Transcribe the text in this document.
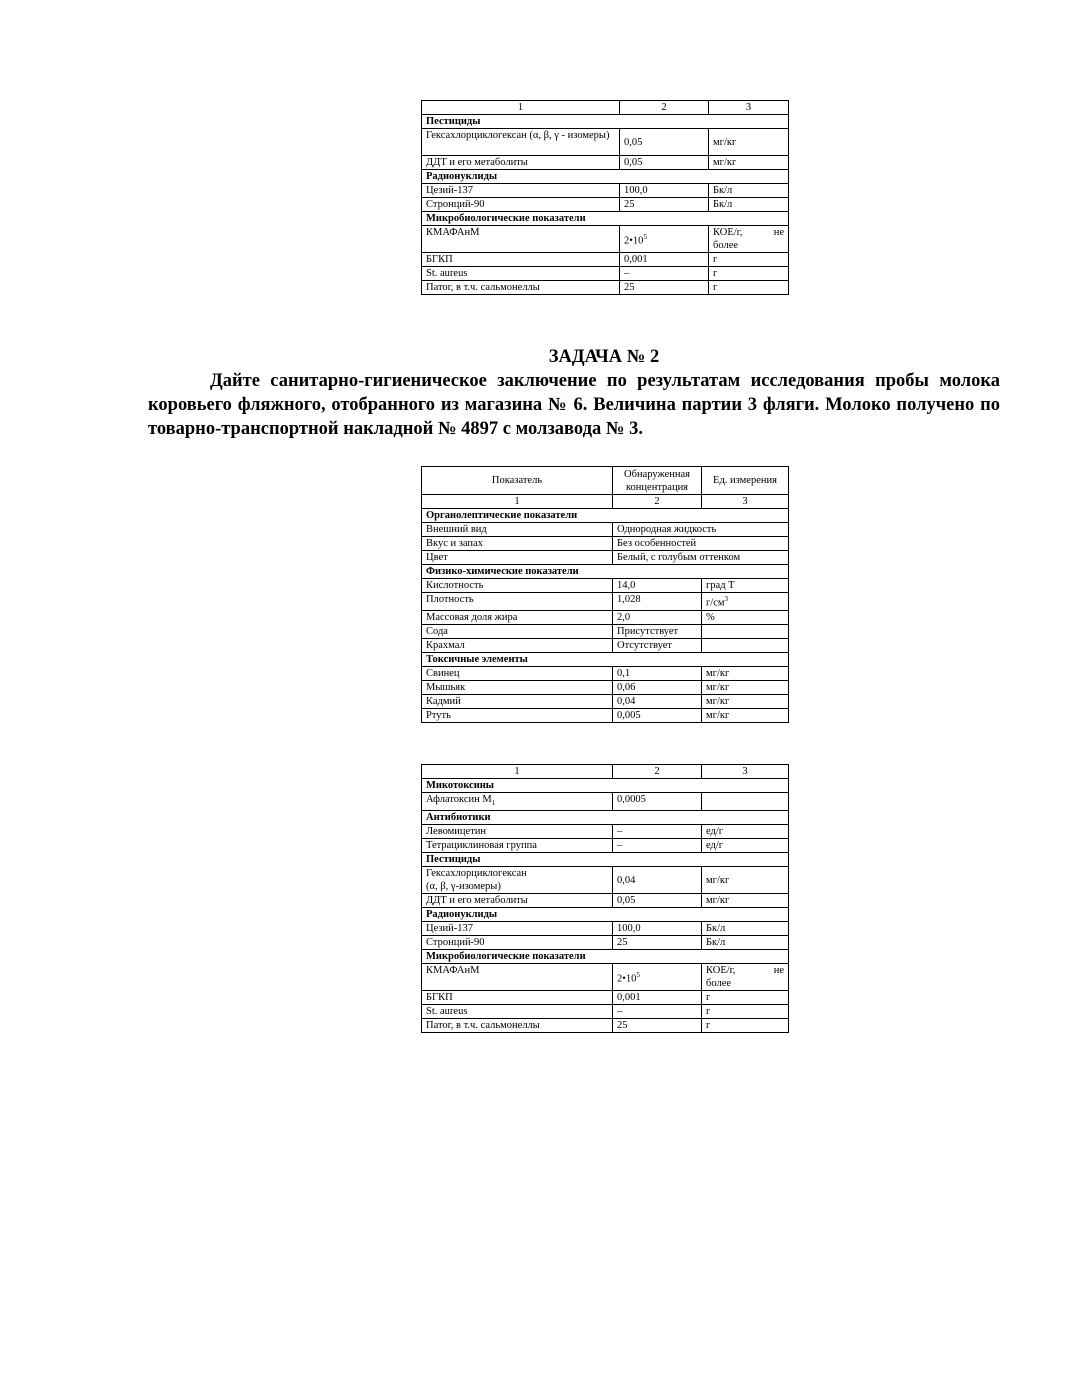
1	2	3
Пестициды		
Гексахлорциклогексан (α, β, γ - изомеры)	0,05	мг/кг
ДДТ и его метаболиты	0,05	мг/кг
Радионуклиды		
Цезий-137	100,0	Бк/л
Стронций-90	25	Бк/л
Микробиологические показатели		
КМАФАнМ	$2•10^5$	КОЕ/г, не
более

БГКП	0,001	г
St. aureus	–	г
Патог, в т.ч. сальмонеллы	25	г
ЗАДАЧА № 2
Дайте санитарно-гигиеническое заключение по результатам исследования пробы молока коровьего фляжного, отобранного из магазина № 6. Величина партии 3 фляги. Молоко получено по товарно-транспортной накладной № 4897 с молзавода № 3.
Показатель	Обнаруженная концентрация	Ед. измерения
1	2	3
Органолептические показатели		
Внешний вид	Однородная жидкость	
Вкус и запах	Без особенностей	
Цвет	Белый, с голубым оттенком	
Физико-химические показатели		
Кислотность	14,0	град Т
Плотность	1,028	$г/см^3$
Массовая доля жира	2,0	%
Сода	Присутствует	
Крахмал	Отсутствует	
Токсичные элементы		
Свинец	0,1	мг/кг
Мышьяк	0,06	мг/кг
Кадмий	0,04	мг/кг
Ртуть	0,005	мг/кг
1	2	3
Микотоксины		
Афлатоксин $М_1$	0,0005	
Антибиотики		
Левомицетин	–	ед/г
Тетрациклиновая группа	–	ед/г
Пестициды		

Гексахлорциклогексан
(α, β, γ-изомеры)	0,04	мг/кг
ДДТ и его метаболиты	0,05	мг/кг
Радионуклиды		
Цезий-137	100,0	Бк/л
Стронций-90	25	Бк/л
Микробиологические показатели		
КМАФАнМ	$2•10^5$	КОЕ/г, не
более

БГКП	0,001	г
St. aureus	–	г
Патог, в т.ч. сальмонеллы	25	г
